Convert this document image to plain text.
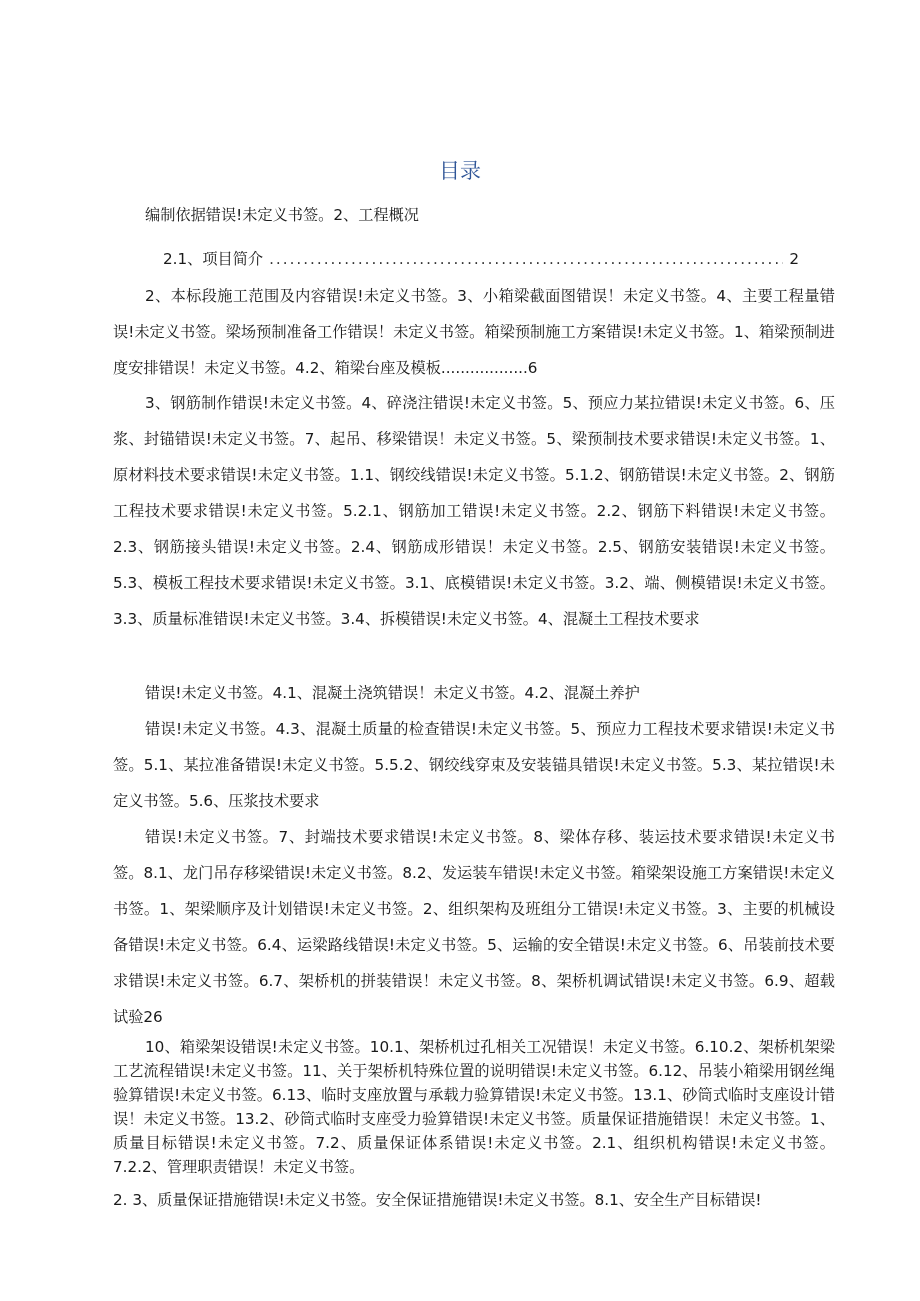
目录
编制依据错误!未定义书签。2、工程概况
2.1、项目简介
.....	2
2、本标段施工范围及内容错误!未定义书签。3、小箱梁截面图错误！未定义书签。4、主要工程量错误!未定义书签。梁场预制准备工作错误！未定义书签。箱梁预制施工方案错误!未定义书签。1、箱梁预制进度安排错误！未定义书签。4.2、箱梁台座及模板..................6
3、钢筋制作错误!未定义书签。4、碎浇注错误!未定义书签。5、预应力某拉错误!未定义书签。6、压浆、封锚错误!未定义书签。7、起吊、移梁错误！未定义书签。5、梁预制技术要求错误!未定义书签。1、原材料技术要求错误!未定义书签。1.1、钢绞线错误!未定义书签。5.1.2、钢筋错误!未定义书签。2、钢筋工程技术要求错误!未定义书签。5.2.1、钢筋加工错误!未定义书签。2.2、钢筋下料错误!未定义书签。2.3、钢筋接头错误!未定义书签。2.4、钢筋成形错误！未定义书签。2.5、钢筋安装错误!未定义书签。5.3、模板工程技术要求错误!未定义书签。3.1、底模错误!未定义书签。3.2、端、侧模错误!未定义书签。3.3、质量标准错误!未定义书签。3.4、拆模错误!未定义书签。4、混凝土工程技术要求
错误!未定义书签。4.1、混凝土浇筑错误！未定义书签。4.2、混凝土养护
错误!未定义书签。4.3、混凝土质量的检查错误!未定义书签。5、预应力工程技术要求错误!未定义书签。5.1、某拉准备错误!未定义书签。5.5.2、钢绞线穿束及安装锚具错误!未定义书签。5.3、某拉错误!未定义书签。5.6、压浆技术要求
错误!未定义书签。7、封端技术要求错误!未定义书签。8、梁体存移、装运技术要求错误!未定义书签。8.1、龙门吊存移梁错误!未定义书签。8.2、发运装车错误!未定义书签。箱梁架设施工方案错误!未定义书签。1、架梁顺序及计划错误!未定义书签。2、组织架构及班组分工错误!未定义书签。3、主要的机械设备错误!未定义书签。6.4、运梁路线错误!未定义书签。5、运输的安全错误!未定义书签。6、吊装前技术要求错误!未定义书签。6.7、架桥机的拼装错误！未定义书签。8、架桥机调试错误!未定义书签。6.9、超载试验26
10、箱梁架设错误!未定义书签。10.1、架桥机过孔相关工况错误！未定义书签。6.10.2、架桥机架梁工艺流程错误!未定义书签。11、关于架桥机特殊位置的说明错误!未定义书签。6.12、吊装小箱梁用钢丝绳验算错误!未定义书签。6.13、临时支座放置与承载力验算错误!未定义书签。13.1、砂筒式临时支座设计错误！未定义书签。13.2、砂筒式临时支座受力验算错误!未定义书签。质量保证措施错误！未定义书签。1、质量目标错误!未定义书签。7.2、质量保证体系错误!未定义书签。2.1、组织机构错误!未定义书签。7.2.2、管理职责错误！未定义书签。
2. 3、质量保证措施错误!未定义书签。安全保证措施错误!未定义书签。8.1、安全生产目标错误!
